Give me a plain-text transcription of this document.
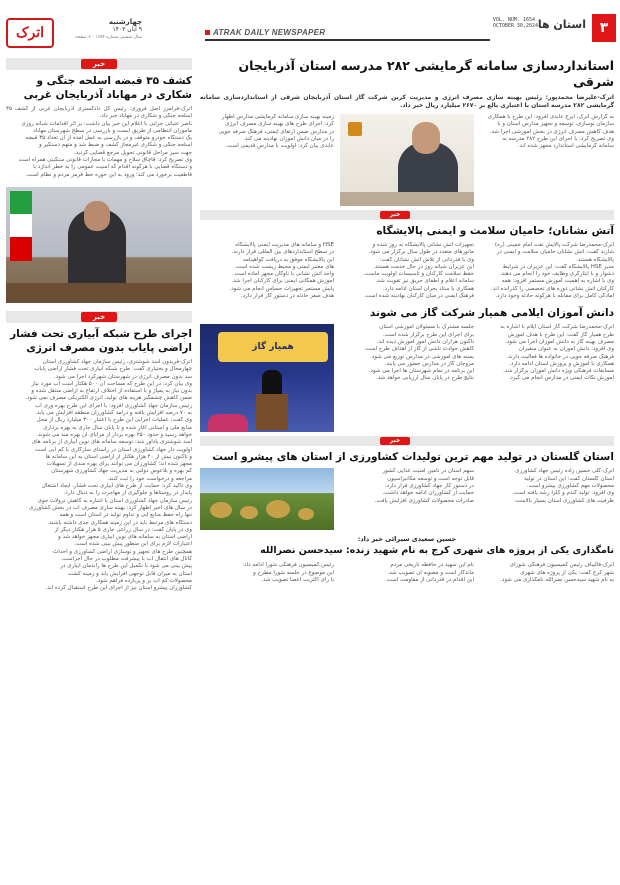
۳
استان ها
VOL. NUM. 1654
OCTOBER 30,2024
ATRAK DAILY NEWSPAPER
اترک
چهارشنبه
۹ آبان ۱۴۰۳
سال ششم، شماره ۱۶۵۴ - ۸ صفحه
خبر
کشف ۳۵ قبضه اسلحه جنگی و شکاری در مهاباد آذربایجان غربی
اترک-فرامرز اصل فروری: رئیس کل دادگستری آذربایجان غربی از کشف ۳۵
اسلحه جنگی و شکاری در مهاباد خبر داد.
ناصر عتباتی جزایی با اعلام این خبر بیان داشت: بر اثر اقدامات شبانه روزی
ماموران انتظامی از طریق ایست و بازرسی در سطح شهرستان مهاباد
یک دستگاه خودرو متوقف و در بازرسی به عمل آمده از آن تعداد ۳۵ قبضه
اسلحه جنگی و شکاری غیرمجاز کشف و ضبط شد و متهم دستگیر و
جهت سیر مراحل قانونی تحویل مرجع قضایی گردید.
وی تصریح کرد: قاچاق سلاح و مهمات با مجازات قانونی سنگینی همراه است
و دستگاه قضایی با هرگونه اقدام که امنیت عمومی را به خطر اندازد با
قاطعیت برخورد می کند؛ ورود به این حوزه خط قرمز مردم و نظام است.
خبر
اجرای طرح شبکه آبیاری تحت فشار اراضی پایاب بدون مصرف انرژی
اترک-فریدون اسد شوشتری، رئیس سازمان جهاد کشاورزی استان
چهارمحال و بختیاری گفت: طرح شبکه آبیاری تحت فشار اراضی پایاب
سد بدون مصرف انرژی در شهرستان شهرکرد اجرا می شود.
وی بیان کرد: در این طرح که مساحت آن ۵۰۰ هکتار است آب مورد نیاز
بدون نیاز به پمپاژ و با استفاده از اختلاف ارتفاع به اراضی منتقل شده و
ضمن کاهش چشمگیر هزینه های تولید، انرژی الکتریکی مصرف نمی شود.
رئیس سازمان جهاد کشاورزی افزود: با اجرای این طرح بهره وری آب
به ۷۰ درصد افزایش یافته و درآمد کشاورزان منطقه افزایش می یابد.
وی گفت: عملیات اجرایی این طرح با اعتبار ۳۰۰ میلیارد ریال از محل
منابع ملی و استانی آغاز شده و تا پایان سال جاری به بهره برداری
خواهد رسید و حدود ۲۵۰ بهره بردار از مزایای آن بهره مند می شوند.
اسد شوشتری یادآور شد: توسعه سامانه های نوین آبیاری از برنامه های
اولویت دار جهاد کشاورزی استان در راستای سازگاری با کم آبی است
و تاکنون بیش از ۴۰ هزار هکتار از اراضی استان به این سامانه ها
مجهز شده اند؛ کشاورزان می توانند برای بهره مندی از تسهیلات
کم بهره و بلاعوض دولتی به مدیریت جهاد کشاورزی شهرستان
مراجعه و درخواست خود را ثبت کنند.
وی تاکید کرد: حمایت از طرح های آبیاری تحت فشار، ایجاد اشتغال
پایدار در روستاها و جلوگیری از مهاجرت را به دنبال دارد.
رئیس سازمان جهاد کشاورزی استان با اشاره به کاهش نزولات جوی
در سال های اخیر اظهار کرد: بهینه سازی مصرف آب در بخش کشاورزی
تنها راه حفظ منابع آبی و تداوم تولید در استان است و همه
دستگاه های مرتبط باید در این زمینه همکاری جدی داشته باشند.
وی در پایان گفت: در سال زراعی جاری ۵ هزار هکتار دیگر از
اراضی استان به سامانه های نوین آبیاری مجهز خواهد شد و
اعتبارات لازم برای این منظور پیش بینی شده است.
همچنین طرح های تجهیز و نوسازی اراضی کشاورزی و احداث
کانال های انتقال آب با پیشرفت مطلوب در حال اجراست.
پیش بینی می شود با تکمیل این طرح ها راندمان آبیاری در
استان به میزان قابل توجهی افزایش یابد و زمینه کشت
محصولات کم آب بر و پربازده فراهم شود.
کشاورزان پیشرو استان نیز از اجرای این طرح استقبال کرده اند.
استانداردسازی سامانه گرمایشی ۲۸۲ مدرسه استان آذربایجان شرقی
اترک-علیرضا محمدپور: رئیس بهینه سازی مصرف انرژی و مدیریت کربن شرکت گاز استان آذربایجان شرقی از استانداردسازی سامانه گرمایشی ۲۸۲ مدرسه استان با اعتباری بالغ بر ۲۶۷۰ میلیارد ریال خبر داد.
به گزارش اترک، ایرج عابدی افزود: این طرح با همکاری
سازمان نوسازی، توسعه و تجهیز مدارس استان و با
هدف کاهش مصرف انرژی در بخش آموزشی اجرا شد.
وی تصریح کرد: با اجرای این طرح ۲۸۲ مدرسه به
سامانه گرمایشی استاندارد مجهز شده اند.
زمینه بهینه سازی سامانه گرمایشی مدارس اظهار
کرد: اجرای طرح های بهینه سازی مصرف انرژی
در مدارس ضمن ارتقای ایمنی، فرهنگ صرفه جویی
را در میان دانش آموزان نهادینه می کند.
عابدی بیان کرد: اولویت با مدارس قدیمی است.
خبر
آتش نشانان؛ حامیان سلامت و ایمنی پالایشگاه
اترک-محمدرضا شرکت پالایش نفت امام خمینی (ره)
شازند گفت: آتش نشانان حامیان سلامت و ایمنی در
پالایشگاه هستند.
مدیر HSE پالایشگاه گفت: این عزیزان در شرایط
دشوار و با ایثارگری وظایف خود را انجام می دهند.
وی با اشاره به اهمیت آموزش مستمر افزود: همه
کارکنان آتش نشانی دوره های تخصصی را گذرانده اند.
آمادگی کامل برای مقابله با هرگونه حادثه وجود دارد.
تجهیزات آتش نشانی پالایشگاه به روز شده و
مانورهای متعدد در طول سال برگزار می شود.
وی با قدردانی از تلاش آتش نشانان گفت:
این عزیزان شبانه روز در حال خدمت هستند.
حفظ سلامت کارکنان و تاسیسات اولویت ماست.
سامانه اعلام و اطفای حریق نیز تقویت شد.
همکاری با ستاد بحران استان ادامه دارد.
فرهنگ ایمنی در میان کارکنان نهادینه شده است.
HSE و سامانه های مدیریت ایمنی پالایشگاه
در سطح استانداردهای بین المللی قرار دارند.
این پالایشگاه موفق به دریافت گواهینامه
های معتبر ایمنی و محیط زیست شده است.
واحد آتش نشانی با ناوگان مجهز آماده است.
آموزش همگانی ایمنی برای کارکنان اجرا شد.
پایش مستمر تجهیزات حساس انجام می شود.
هدف صفر حادثه در دستور کار قرار دارد.
دانش آموزان ایلامی همیار شرکت گاز می شوند
اترک-محمدرضا شرکت گاز استان ایلام با اشاره به
طرح همیار گاز گفت: این طرح با هدف آموزش
مصرف بهینه گاز به دانش آموزان اجرا می شود.
وی افزود: دانش آموزان به عنوان سفیران
فرهنگ صرفه جویی در خانواده ها فعالیت دارند.
همکاری با آموزش و پرورش استان ادامه دارد.
مسابقات فرهنگی ویژه دانش آموزان برگزار شد.
آموزش نکات ایمنی در مدارس انجام می گیرد.
جلسه مشترک با مسئولان آموزشی استان
برای اجرای این طرح برگزار شده است.
تاکنون هزاران دانش آموز آموزش دیده اند.
کاهش حوادث ناشی از گاز از اهداف طرح است.
بسته های آموزشی در مدارس توزیع می شود.
مروجان گاز در مدارس حضور می یابند.
این برنامه در تمام شهرستان ها اجرا می شود.
نتایج طرح در پایان سال ارزیابی خواهد شد.
همیار گاز
خبر
استان گلستان در تولید مهم ترین تولیدات کشاورزی از استان های پیشرو است
اترک-گلی حسین زاده رئیس جهاد کشاورزی
استان گلستان گفت: این استان در تولید
محصولات مهم کشاورزی پیشرو است.
وی افزود: تولید گندم و کلزا رشد یافته است.
ظرفیت های کشاورزی استان بسیار بالاست.
سهم استان در تامین امنیت غذایی کشور
قابل توجه است و توسعه مکانیزاسیون
در دستور کار جهاد کشاورزی قرار دارد.
حمایت از کشاورزان ادامه خواهد داشت.
صادرات محصولات کشاورزی افزایش یافت.
حسین سعیدی سیرائی خبر داد:
نامگذاری یکی از پروژه های شهری کرج به نام شهید زنده: سیدحسن نصرالله
اترک-قالیباف رئیس کمیسیون فرهنگی شورای
شهر کرج گفت: یکی از پروژه های شهری
به نام شهید سیدحسن نصرالله نامگذاری می شود.
نام این شهید در حافظه تاریخی مردم
ماندگار است و مصوبه آن تصویب شد.
این اقدام در قدردانی از مقاومت است.
رئیس کمیسیون فرهنگی شورا ادامه داد:
این موضوع در جلسه شورا مطرح و
با رای اکثریت اعضا تصویب شد.
